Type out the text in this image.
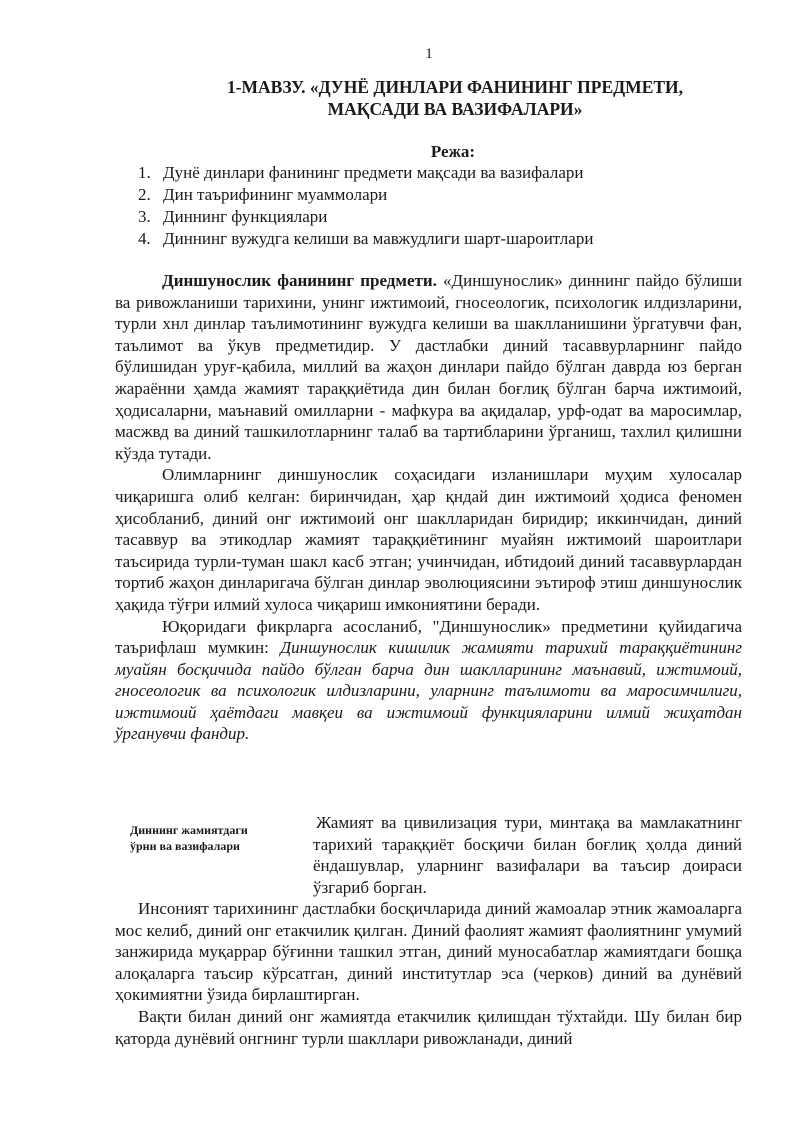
1
1-МАВЗУ. «ДУНЁ ДИНЛАРИ ФАНИНИНГ ПРЕДМЕТИ,
МАҚСАДИ ВА ВАЗИФАЛАРИ»
Режа:
1. Дунё динлари фанининг предмети мақсади ва вазифалари
2. Дин таърифининг муаммолари
3. Диннинг функциялари
4. Диннинг вужудга келиши ва мавжудлиги шарт-шароитлари

Диншунослик фанининг предмети. «Диншунослик» диннинг пайдо бўлиши ва ривожланиши тарихини, унинг ижтимоий, гносеологик, психологик илдизларини, турли хнл динлар таълимотининг вужудга келиши ва шаклланишини ўргатувчи фан, таълимот ва ўкув предметидир. У дастлабки диний тасаввурларнинг пайдо бўлишидан уруғ-қабила, миллий ва жаҳон динлари пайдо бўлган даврда юз берган жараённи ҳамда жамият тараққиётида дин билан боғлиқ бўлган барча ижтимоий, ҳодисаларни, маънавий омилларни - мафкура ва ақидалар, урф-одат ва маросимлар, масжвд ва диний ташкилотларнинг талаб ва тартибларини ўрганиш, тахлил қилишни кўзда тутади.

Олимларнинг диншунослик соҳасидаги изланишлари муҳим хулосалар чиқаришга олиб келган: биринчидан, ҳар қндай дин ижтимоий ҳодиса феномен ҳисобланиб, диний онг ижтимоий онг шаклларидан биридир; иккинчидан, диний тасаввур ва этикодлар жамият тараққиётининг муайян ижтимоий шароитлари таъсирида турли-туман шакл касб этган; учинчидан, ибтидоий диний тасаввурлардан тортиб жаҳон динларигача бўлган динлар эволюциясини эътироф этиш диншунослик ҳақида тўғри илмий хулоса чиқариш имкониятини беради.

Юқоридаги фикрларга асосланиб, "Диншунослик» предметини қуйидагича таърифлаш мумкин: Диншунослик кишилик жамияти тарихий тараққиётининг муайян босқичида пайдо бўлган барча дин шаклларининг маънавий, ижтимоий, гносеологик ва психологик илдизларини, уларнинг таълимоти ва маросимчилиги, ижтимоий ҳаётдаги мавқеи ва ижтимоий функцияларини илмий жиҳатдан ўрганувчи фандир.

Диннинг жамиятдаги ўрни ва вазифалари

Жамият ва цивилизация тури, минтақа ва мамлакатнинг тарихий тараққиёт босқичи билан боғлиқ ҳолда диний ёндашувлар, уларнинг вазифалари ва таъсир доираси ўзгариб борган.

Инсоният тарихининг дастлабки босқичларида диний жамоалар этник жамоаларга мос келиб, диний онг етакчилик қилган. Диний фаолият жамият фаолиятнинг умумий занжирида муқаррар бўғинни ташкил этган, диний муносабатлар жамиятдаги бошқа алоқаларга таъсир кўрсатган, диний институтлар эса (черков) диний ва дунёвий ҳокимиятни ўзида бирлаштирган.

Вақти билан диний онг жамиятда етакчилик қилишдан тўхтайди. Шу билан бир қаторда дунёвий онгнинг турли шакллари ривожланади, диний
